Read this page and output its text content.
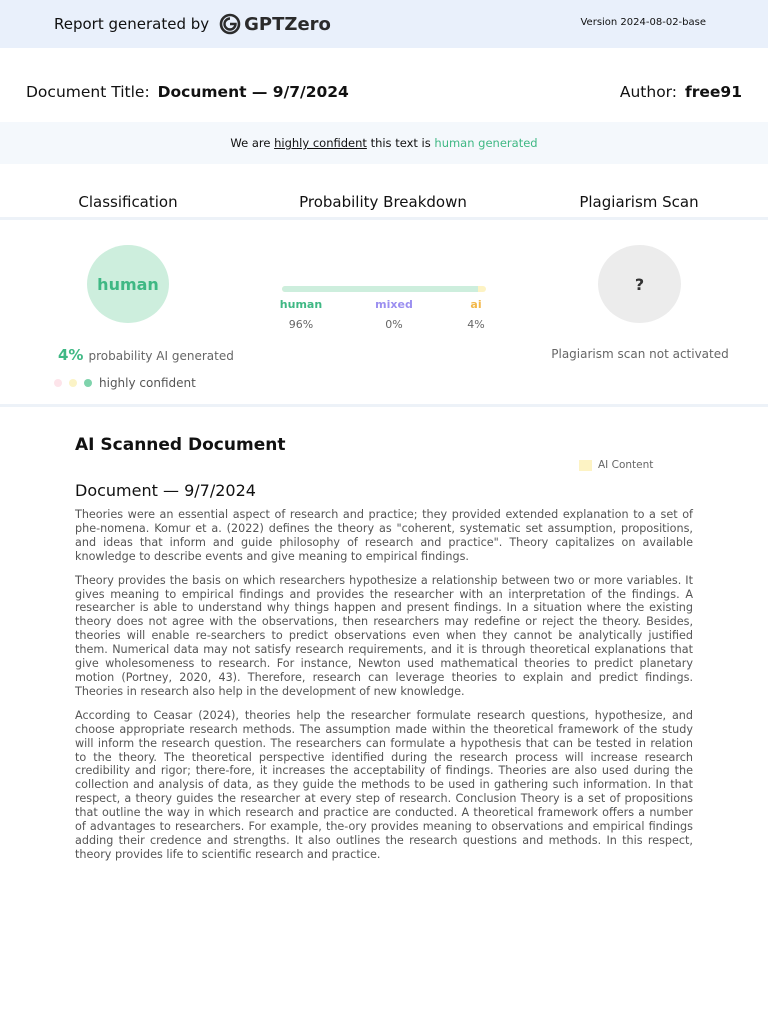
Report generated by GPTZero	Version 2024-08-02-base
Document Title: Document — 9/7/2024	Author: free91
We are highly confident this text is human generated
Classification	Probability Breakdown	Plagiarism Scan
human
4% probability AI generated
highly confident
human	mixed	ai
96%	0%	4%
?
Plagiarism scan not activated
AI Scanned Document
AI Content
Document — 9/7/2024

Theories were an essential aspect of research and practice; they provided extended explanation to a set of phe-nomena. Komur et a. (2022) defines the theory as "coherent, systematic set assumption, propositions, and ideas that inform and guide philosophy of research and practice". Theory capitalizes on available knowledge to describe events and give meaning to empirical findings.

Theory provides the basis on which researchers hypothesize a relationship between two or more variables. It gives meaning to empirical findings and provides the researcher with an interpretation of the findings. A researcher is able to understand why things happen and present findings. In a situation where the existing theory does not agree with the observations, then researchers may redefine or reject the theory. Besides, theories will enable re-searchers to predict observations even when they cannot be analytically justified them. Numerical data may not satisfy research requirements, and it is through theoretical explanations that give wholesomeness to research. For instance, Newton used mathematical theories to predict planetary motion (Portney, 2020, 43). Therefore, research can leverage theories to explain and predict findings. Theories in research also help in the development of new knowledge.

According to Ceasar (2024), theories help the researcher formulate research questions, hypothesize, and choose appropriate research methods. The assumption made within the theoretical framework of the study will inform the research question. The researchers can formulate a hypothesis that can be tested in relation to the theory. The theoretical perspective identified during the research process will increase research credibility and rigor; there-fore, it increases the acceptability of findings. Theories are also used during the collection and analysis of data, as they guide the methods to be used in gathering such information. In that respect, a theory guides the researcher at every step of research. Conclusion Theory is a set of propositions that outline the way in which research and practice are conducted. A theoretical framework offers a number of advantages to researchers. For example, the-ory provides meaning to observations and empirical findings adding their credence and strengths. It also outlines the research questions and methods. In this respect, theory provides life to scientific research and practice.
